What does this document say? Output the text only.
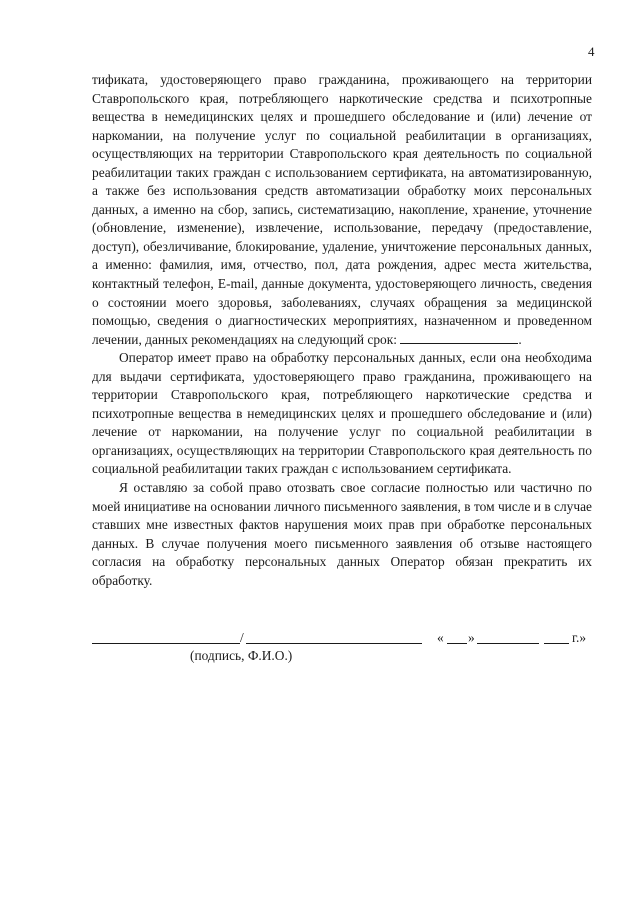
4

тификата, удостоверяющего право гражданина, проживающего на территории Ставропольского края, потребляющего наркотические средства и психотропные вещества в немедицинских целях и прошедшего обследование и (или) лечение от наркомании, на получение услуг по социальной реабилитации в организациях, осуществляющих на территории Ставропольского края деятельность по социальной реабилитации таких граждан с использованием сертификата, на автоматизированную, а также без использования средств автоматизации обработку моих персональных данных, а именно на сбор, запись, систематизацию, накопление, хранение, уточнение (обновление, изменение), извлечение, использование, передачу (предоставление, доступ), обезличивание, блокирование, удаление, уничтожение персональных данных, а именно: фамилия, имя, отчество, пол, дата рождения, адрес места жительства, контактный телефон, E-mail, данные документа, удостоверяющего личность, сведения о состоянии моего здоровья, заболеваниях, случаях обращения за медицинской помощью, сведения о диагностических мероприятиях, назначенном и проведенном лечении, данных рекомендациях на следующий срок:	.

Оператор имеет право на обработку персональных данных, если она необходима для выдачи сертификата, удостоверяющего право гражданина, проживающего на территории Ставропольского края, потребляющего наркотические средства и психотропные вещества в немедицинских целях и прошедшего обследование и (или) лечение от наркомании, на получение услуг по социальной реабилитации в организациях, осуществляющих на территории Ставропольского края деятельность по социальной реабилитации таких граждан с использованием сертификата.

Я оставляю за собой право отозвать свое согласие полностью или частично по моей инициативе на основании личного письменного заявления, в том числе и в случае ставших мне известных фактов нарушения моих прав при обработке персональных данных. В случае получения моего письменного заявления об отзыве настоящего согласия на обработку персональных данных Оператор обязан прекратить их обработку.

/	« »	г.»
(подпись, Ф.И.О.)
